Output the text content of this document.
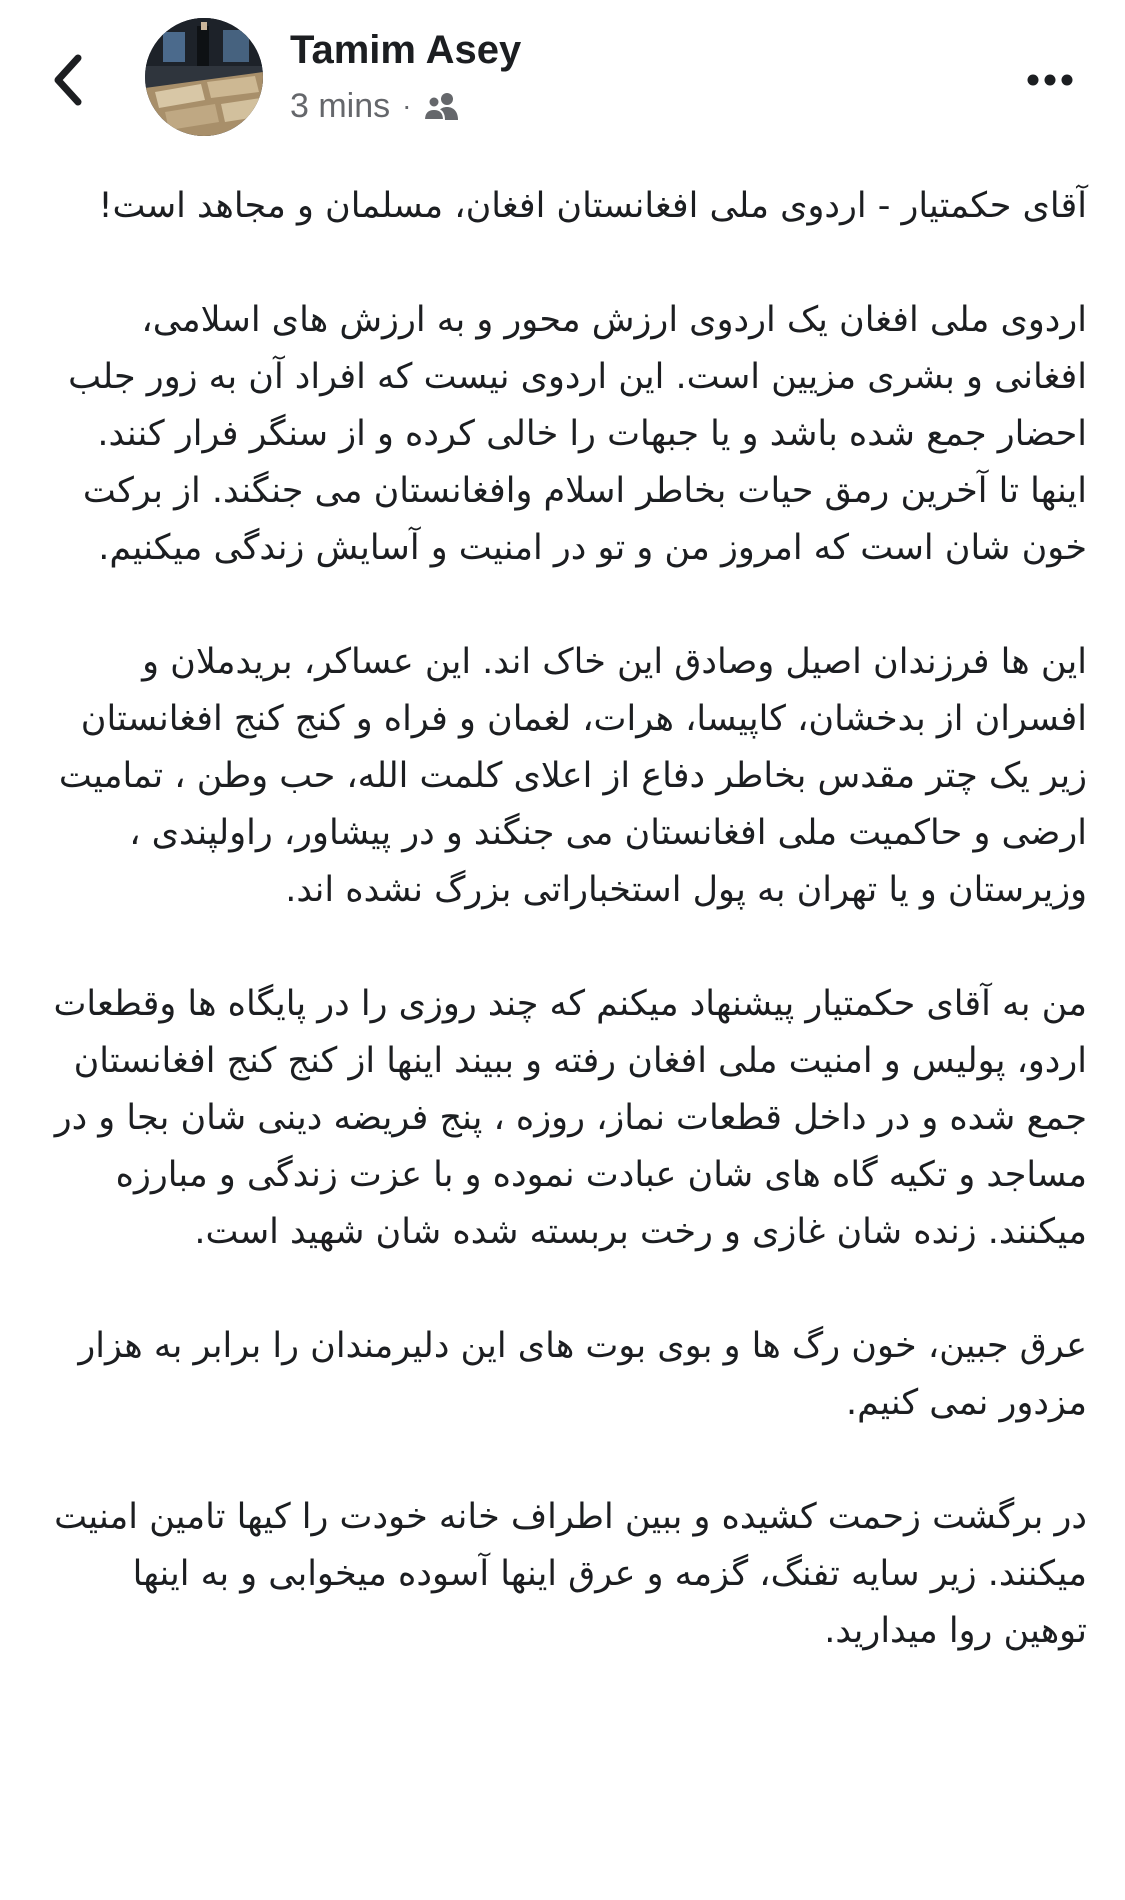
Tamim Asey
3 mins ·

آقای حکمتیار - اردوی ملی افغانستان افغان، مسلمان و مجاهد است!

اردوی ملی افغان یک اردوی ارزش محور و به ارزش های اسلامی، افغانی و بشری مزیین است. این اردوی نیست که افراد آن به زور جلب احضار جمع شده باشد و یا جبهات را خالی کرده و از سنگر فرار کنند. اینها تا آخرین رمق حیات بخاطر اسلام وافغانستان می جنگند. از برکت خون شان است که امروز من و تو در امنیت و آسایش زندگی میکنیم.

این ها فرزندان اصیل وصادق این خاک اند. این عساکر، بریدملان و افسران از بدخشان، کاپیسا، هرات، لغمان و فراه و کنج کنج افغانستان زیر یک چتر مقدس بخاطر دفاع از اعلای کلمت الله، حب وطن ، تمامیت ارضی و حاکمیت ملی افغانستان می جنگند و در پیشاور، راولپندی ، وزیرستان و یا تهران به پول استخباراتی بزرگ نشده اند.

من به آقای حکمتیار پیشنهاد میکنم که چند روزی را در پایگاه ها وقطعات اردو، پولیس و امنیت ملی افغان رفته و ببیند اینها از کنج کنج افغانستان جمع شده و در داخل قطعات نماز، روزه ، پنج فریضه دینی شان بجا و در مساجد و تکیه گاه های شان عبادت نموده و با عزت زندگی و مبارزه میکنند. زنده شان غازی و رخت بربسته شده شان شهید است.

عرق جبین، خون رگ ها و بوی بوت های این دلیرمندان را برابر به هزار مزدور نمی کنیم.

در برگشت زحمت کشیده و ببین اطراف خانه خودت را کیها تامین امنیت میکنند. زیر سایه تفنگ، گزمه و عرق اینها آسوده میخوابی و به اینها توهین روا میدارید.
